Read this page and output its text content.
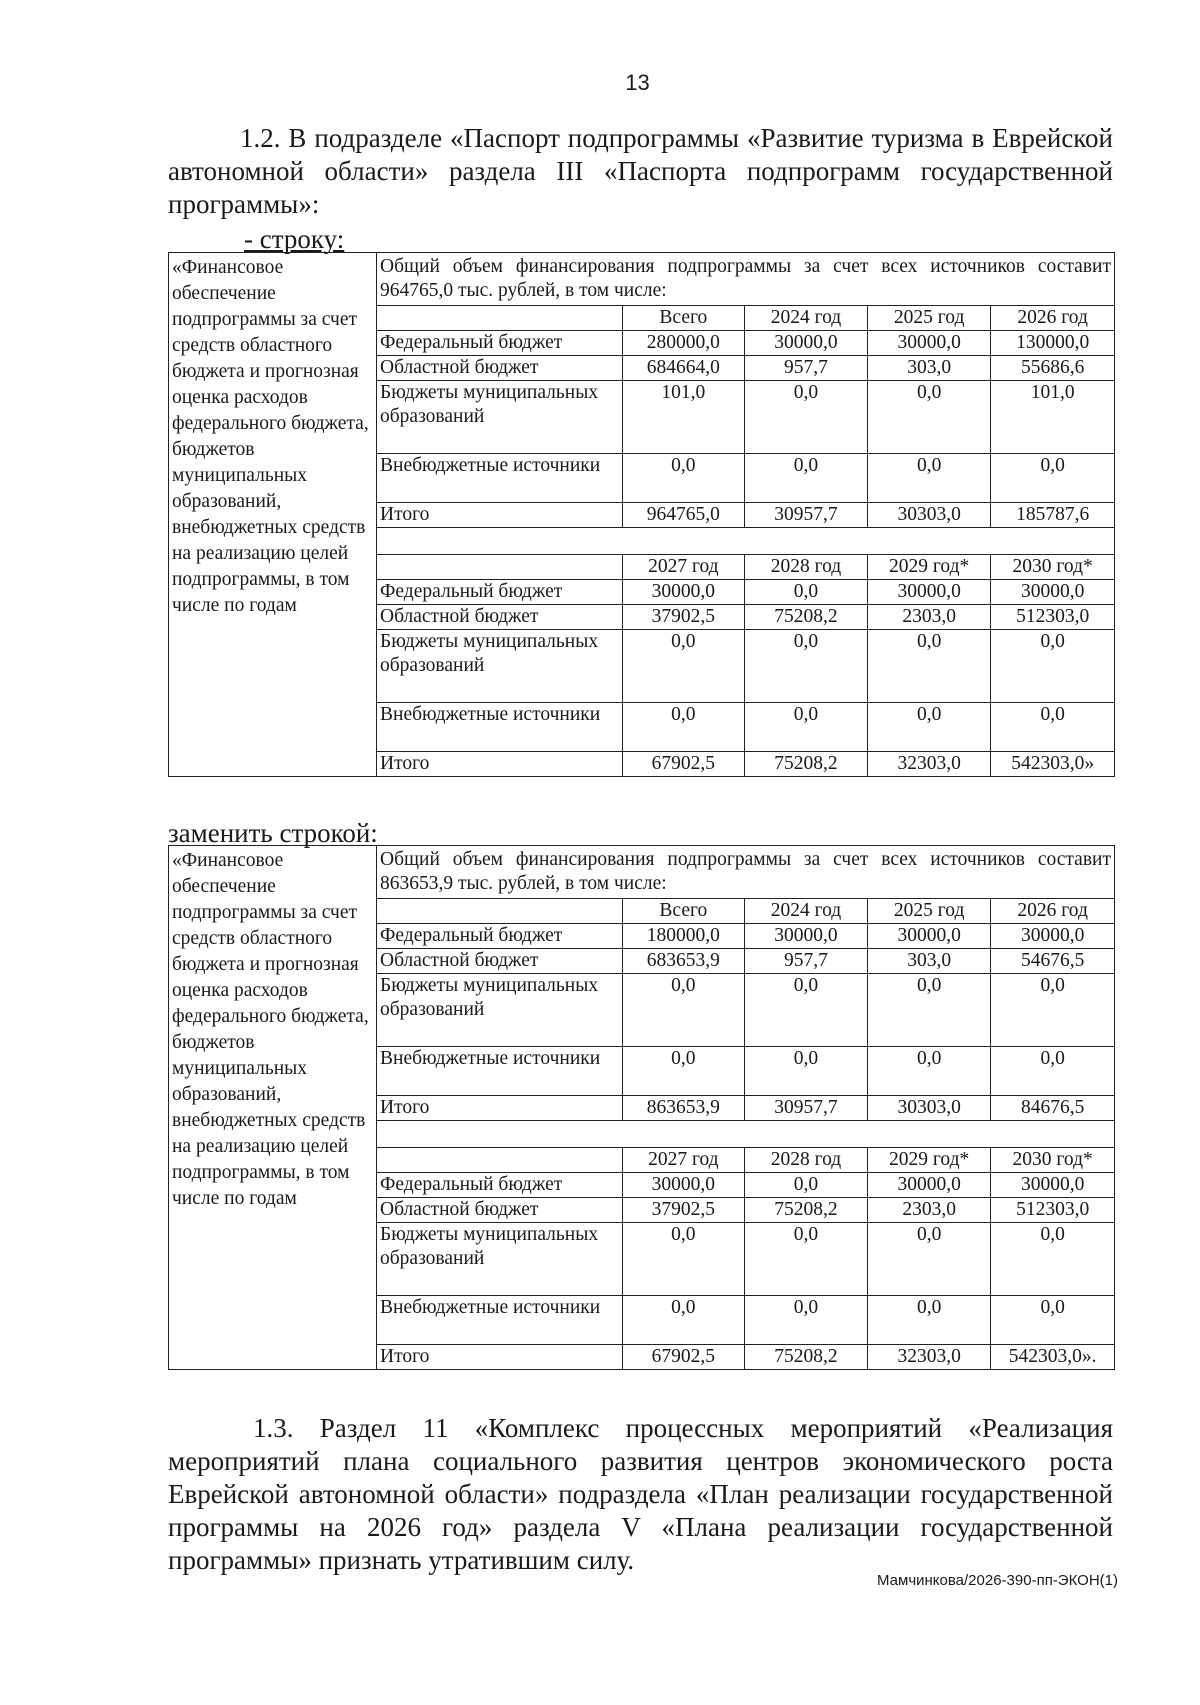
13

1.2. В подразделе «Паспорт подпрограммы «Развитие туризма в Еврейской автономной области» раздела III «Паспорта подпрограмм государственной программы»:

- строку:
«Финансовое обеспечение подпрограммы за счет средств областного бюджета и прогнозная оценка расходов федерального бюджета, бюджетов муниципальных образований, внебюджетных средств на реализацию целей подпрограммы, в том числе по годам	
Общий объем финансирования подпрограммы за счет всех источников составит 964765,0 тыс. рублей, в том числе:
	Всего	2024 год	2025 год	2026 год
Федеральный бюджет	280000,0	30000,0	30000,0	130000,0
Областной бюджет	684664,0	957,7	303,0	55686,6
Бюджеты муниципальных образований	101,0	0,0	0,0	101,0
Внебюджетные источники	0,0	0,0	0,0	0,0
Итого	964765,0	30957,7	30303,0	185787,6

	2027 год	2028 год	2029 год*	2030 год*
Федеральный бюджет	30000,0	0,0	30000,0	30000,0
Областной бюджет	37902,5	75208,2	2303,0	512303,0
Бюджеты муниципальных образований	0,0	0,0	0,0	0,0
Внебюджетные источники	0,0	0,0	0,0	0,0
Итого	67902,5	75208,2	32303,0	542303,0»
заменить строкой:
«Финансовое обеспечение подпрограммы за счет средств областного бюджета и прогнозная оценка расходов федерального бюджета, бюджетов муниципальных образований, внебюджетных средств на реализацию целей подпрограммы, в том числе по годам	
Общий объем финансирования подпрограммы за счет всех источников составит 863653,9 тыс. рублей, в том числе:
	Всего	2024 год	2025 год	2026 год
Федеральный бюджет	180000,0	30000,0	30000,0	30000,0
Областной бюджет	683653,9	957,7	303,0	54676,5
Бюджеты муниципальных образований	0,0	0,0	0,0	0,0
Внебюджетные источники	0,0	0,0	0,0	0,0
Итого	863653,9	30957,7	30303,0	84676,5

	2027 год	2028 год	2029 год*	2030 год*
Федеральный бюджет	30000,0	0,0	30000,0	30000,0
Областной бюджет	37902,5	75208,2	2303,0	512303,0
Бюджеты муниципальных образований	0,0	0,0	0,0	0,0
Внебюджетные источники	0,0	0,0	0,0	0,0
Итого	67902,5	75208,2	32303,0	542303,0».

1.3. Раздел 11 «Комплекс процессных мероприятий «Реализация мероприятий плана социального развития центров экономического роста Еврейской автономной области» подраздела «План реализации государственной программы на 2026 год» раздела V «Плана реализации государственной программы» признать утратившим силу.

Мамчинкова/2026-390-пп-ЭКОН(1)
